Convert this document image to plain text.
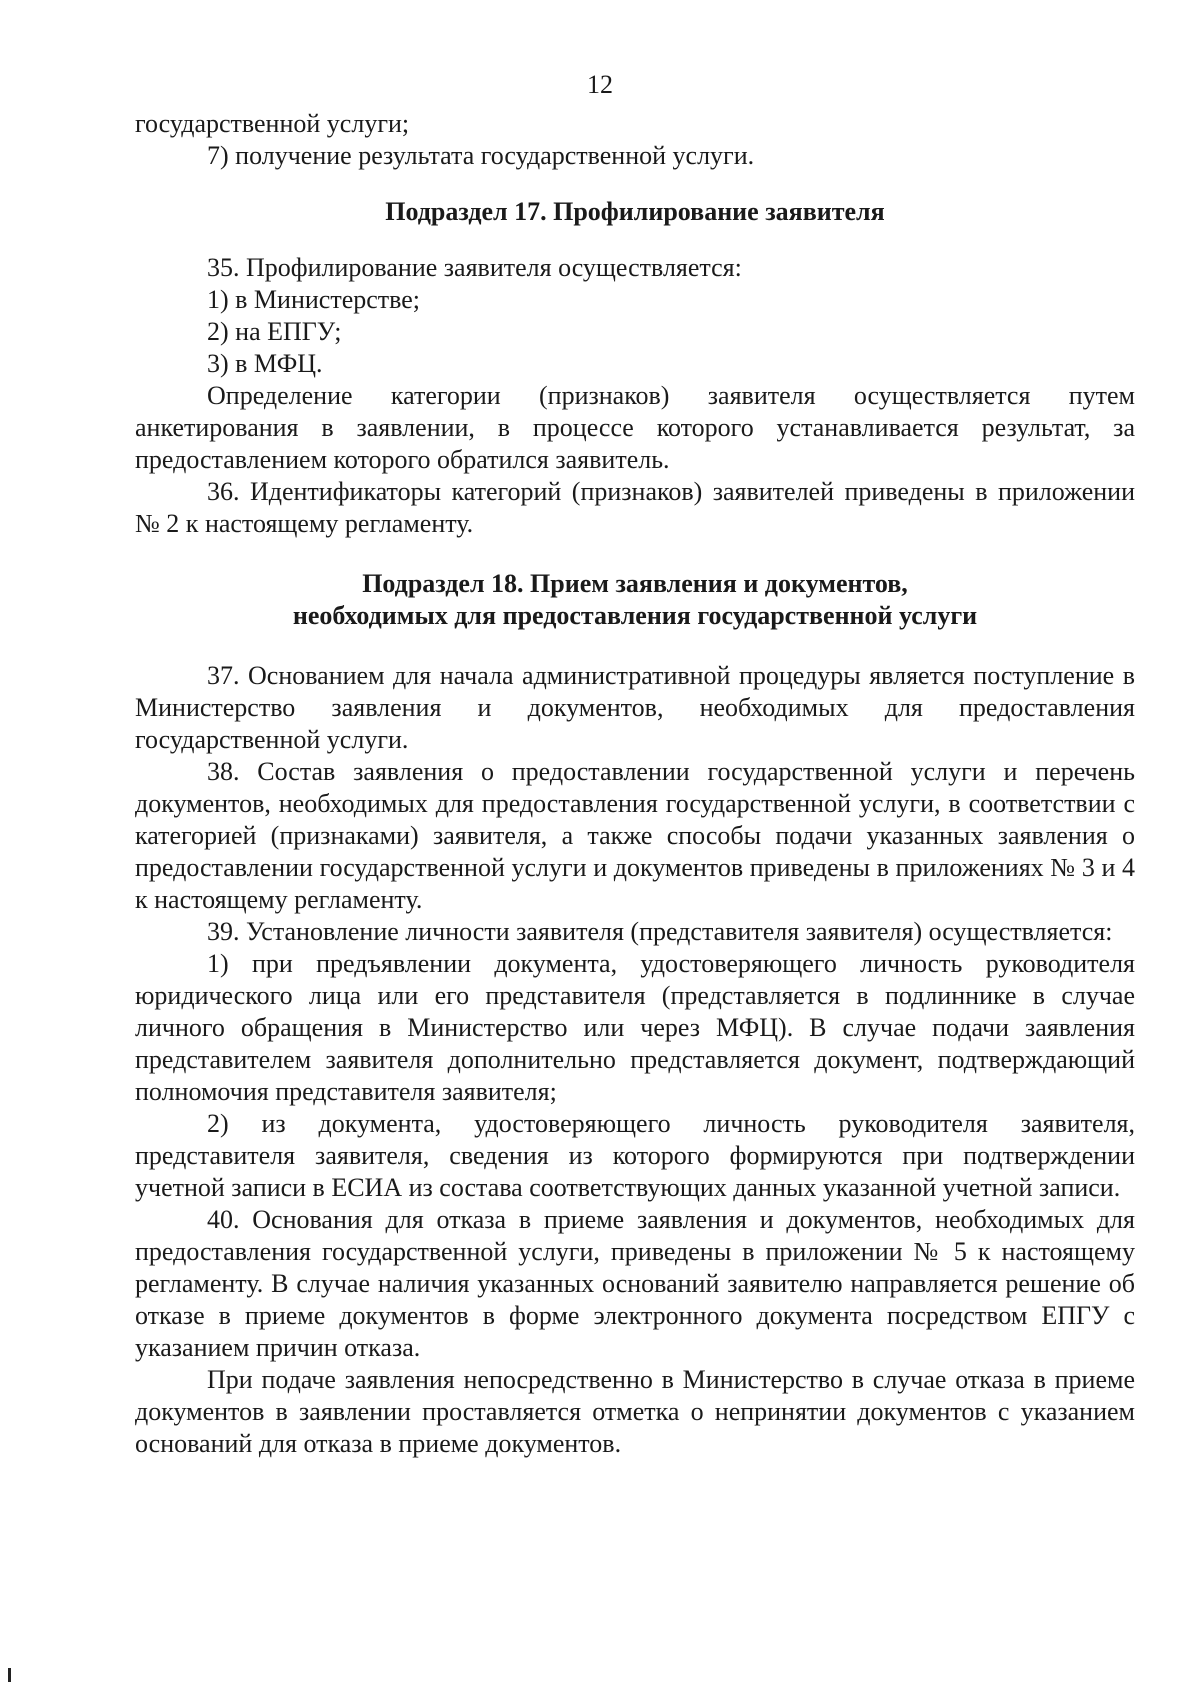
12

государственной услуги;

7) получение результата государственной услуги.

Подраздел 17. Профилирование заявителя

35. Профилирование заявителя осуществляется:

1) в Министерстве;

2) на ЕПГУ;

3) в МФЦ.

Определение категории (признаков) заявителя осуществляется путем анкетирования в заявлении, в процессе которого устанавливается результат, за предоставлением которого обратился заявитель.

36. Идентификаторы категорий (признаков) заявителей приведены в приложении № 2 к настоящему регламенту.

Подраздел 18. Прием заявления и документов,

необходимых для предоставления государственной услуги

37. Основанием для начала административной процедуры является поступление в Министерство заявления и документов, необходимых для предоставления государственной услуги.

38. Состав заявления о предоставлении государственной услуги и перечень документов, необходимых для предоставления государственной услуги, в соответствии с категорией (признаками) заявителя, а также способы подачи указанных заявления о предоставлении государственной услуги и документов приведены в приложениях № 3 и 4 к настоящему регламенту.

39. Установление личности заявителя (представителя заявителя) осуществляется:

1) при предъявлении документа, удостоверяющего личность руководителя юридического лица или его представителя (представляется в подлиннике в случае личного обращения в Министерство или через МФЦ). В случае подачи заявления представителем заявителя дополнительно представляется документ, подтверждающий полномочия представителя заявителя;

2) из документа, удостоверяющего личность руководителя заявителя, представителя заявителя, сведения из которого формируются при подтверждении учетной записи в ЕСИА из состава соответствующих данных указанной учетной записи.

40. Основания для отказа в приеме заявления и документов, необходимых для предоставления государственной услуги, приведены в приложении № 5 к настоящему регламенту. В случае наличия указанных оснований заявителю направляется решение об отказе в приеме документов в форме электронного документа посредством ЕПГУ с указанием причин отказа.

При подаче заявления непосредственно в Министерство в случае отказа в приеме документов в заявлении проставляется отметка о непринятии документов с указанием оснований для отказа в приеме документов.
